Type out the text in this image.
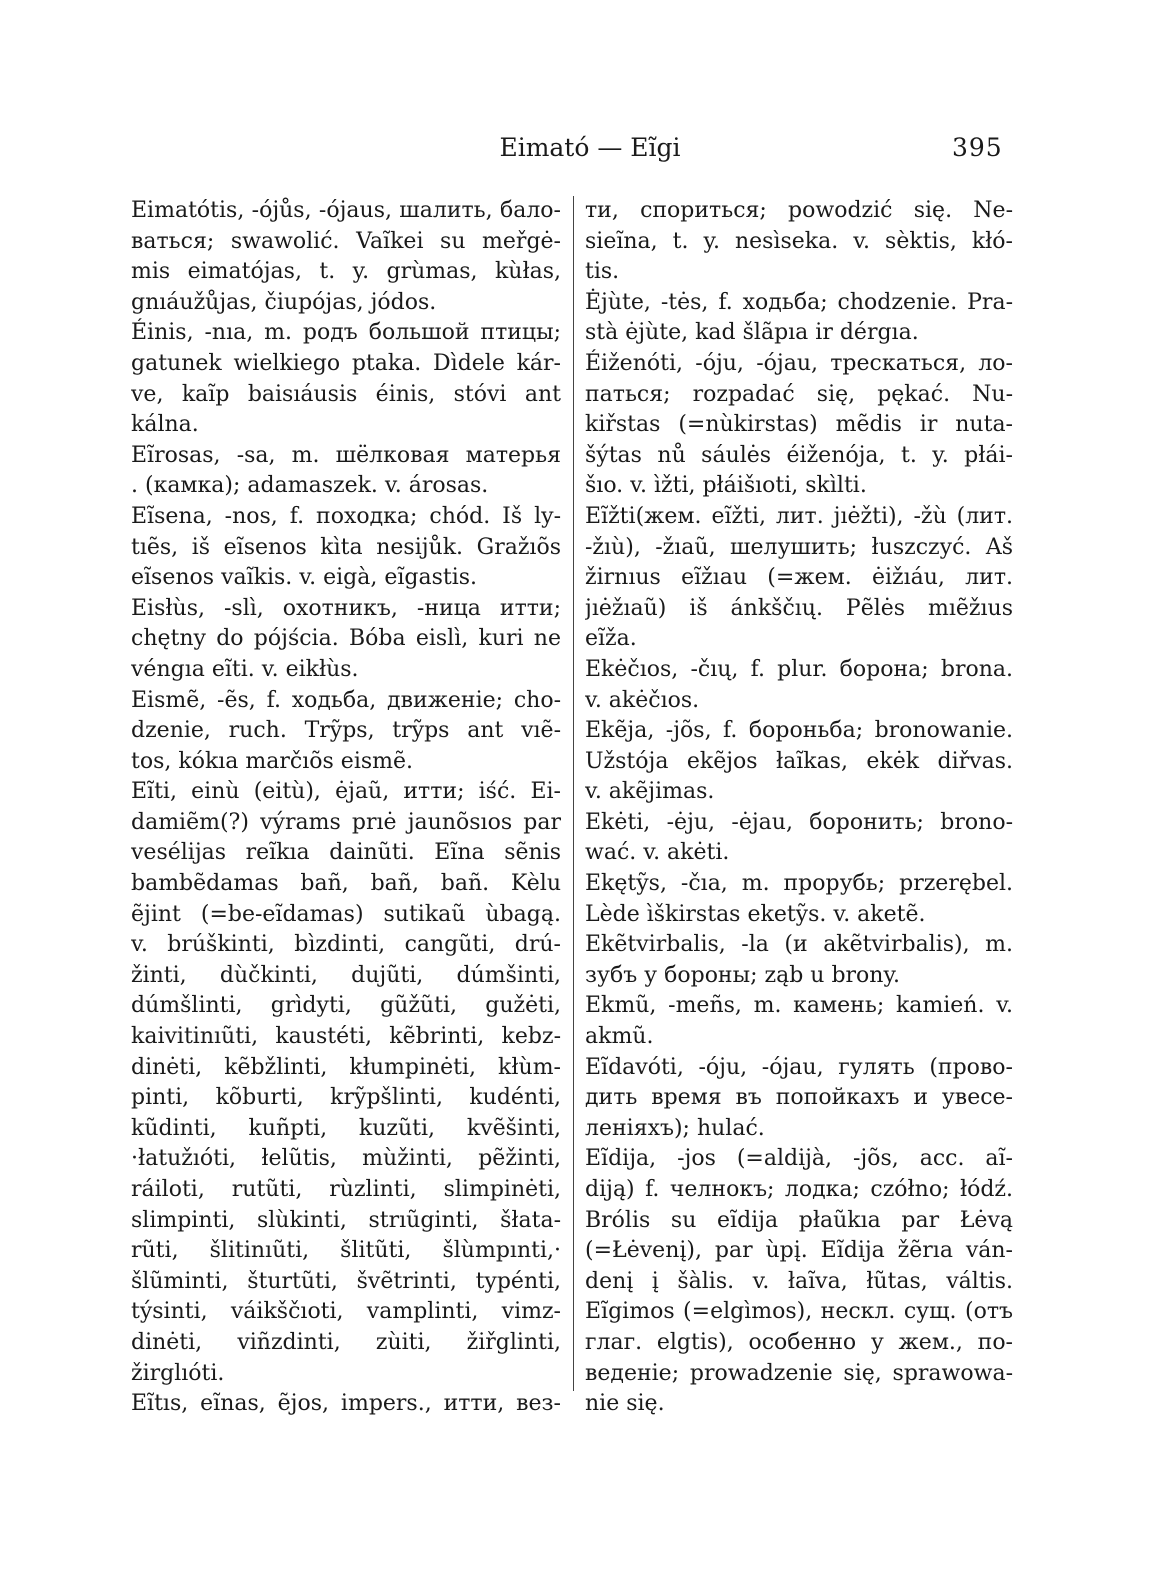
Eimató — Eĩgi	395
Eimatótis, -ójůs, -ójaus, шалить, бало-
ваться; swawolić. Vaĩkei su meřgė-
mis eimatójas, t. y. grùmas, kùłas,
gnıáužůjas, čiupójas, jódos.
Éinis, -nıa, m. родъ большой птицы;
gatunek wielkiego ptaka. Dìdele kár-
ve, kaĩp baisıáusis éinis, stóvi ant
kálna.
Eĩrosas, -sa, m. шёлковая матерья
. (камка); adamaszek. v. árosas.
Eĩsena, -nos, f. походка; chód. Iš ly-
tıẽs, iš eĩsenos kìta nesijůk. Gražıõs
eĩsenos vaĩkis. v. eigà, eĩgastis.
Eisłùs, -slì, охотникъ, -ница итти;
chętny do pójścia. Bóba eislì, kuri ne
véngıa eĩti. v. eikłùs.
Eismẽ, -ẽs, f. ходьба, движенiе; cho-
dzenie, ruch. Trỹps, trỹps ant vıẽ-
tos, kókıa marčıõs eismẽ.
Eĩti, einù (eitù), ėjaũ, итти; iść. Ei-
damiẽm(?) výrams prıė jaunõsıos par
vesélijas reĩkıa dainũti. Eĩna sẽnis
bambẽdamas bañ, bañ, bañ. Kèlu
ẽjint (=be-eĩdamas) sutikaũ ùbagą.
v. brúškinti, bìzdinti, cangũti, drú-
žinti, dùčkinti, dujũti, dúmšinti,
dúmšlinti, grìdyti, gũžũti, gužėti,
kaivitinıũti, kaustéti, kẽbrinti, kebz-
dinėti, kẽbžlinti, kłumpinėti, kłùm-
pinti, kõburti, krỹpšlinti, kudénti,
kũdinti, kuñpti, kuzũti, kvẽšinti,
·łatužıóti, łelũtis, mùžinti, pẽžinti,
ráiloti, rutũti, rùzlinti, slimpinėti,
slimpinti, slùkinti, strıũginti, šłata-
rũti, šlitinıũti, šlitũti, šlùmpınti,·
šlũminti, šturtũti, švẽtrinti, typénti,
týsinti, váikščıoti, vamplinti, vimz-
dinėti, viñzdinti, zùiti, žiřglinti,
žirglıóti.
Eĩtıs, eĩnas, ẽjos, impers., итти, вез-
ти, спориться; powodzić się. Ne-
sieĩna, t. y. nesìseka. v. sèktis, kłó-
tis.
Ėjùte, -tės, f. ходьба; chodzenie. Pra-
stà ėjùte, kad šlãpıa ir dérgıa.
Éiženóti, -óju, -ójau, трескаться, ло-
паться; rozpadać się, pękać. Nu-
kiřstas (=nùkirstas) mẽdis ir nuta-
šýtas nů sáulės éiženója, t. y. płái-
šıo. v. ìžti, płáišıoti, skìlti.
Eĩžti(жем. eĩžti, лит. jıėžti), -žù (лит.
-žıù), -žıaũ, шелушить; łuszczyć. Aš
žirnıus eĩžıau (=жем. ėižıáu, лит.
jıėžıaũ) iš ánkščıų. Pẽlės mıẽžıus
eĩža.
Ekėčıos, -čıų, f. plur. борона; brona.
v. akėčıos.
Ekẽja, -jõs, f. бороньба; bronowanie.
Užstója ekẽjos łaĩkas, ekėk diřvas.
v. akẽjimas.
Ekėti, -ėju, -ėjau, боронить; brono-
wać. v. akėti.
Ekętỹs, -čıa, m. прорубь; przerębel.
Lède ìškirstas eketỹs. v. aketẽ.
Ekẽtvirbalis, -la (и akẽtvirbalis), m.
зубъ у бороны; ząb u brony.
Ekmũ, -meñs, m. камень; kamień. v.
akmũ.
Eĩdavóti, -óju, -ójau, гулять (прово-
дить время въ попойкахъ и увесе-
ленiяхъ); hulać.
Eĩdija, -jos (=aldijà, -jõs, acc. aĩ-
diją) f. челнокъ; лодка; czółno; łódź.
Brólis su eĩdija płaũkıa par Łėvą
(=Łėvenį), par ùpį. Eĩdija žẽrıa ván-
denį į šàlis. v. łaĩva, łũtas, váltis.
Eĩgimos (=elgìmos), нескл. сущ. (отъ
глаг. elgtis), особенно у жем., по-
веденiе; prowadzenie się, sprawowa-
nie się.
